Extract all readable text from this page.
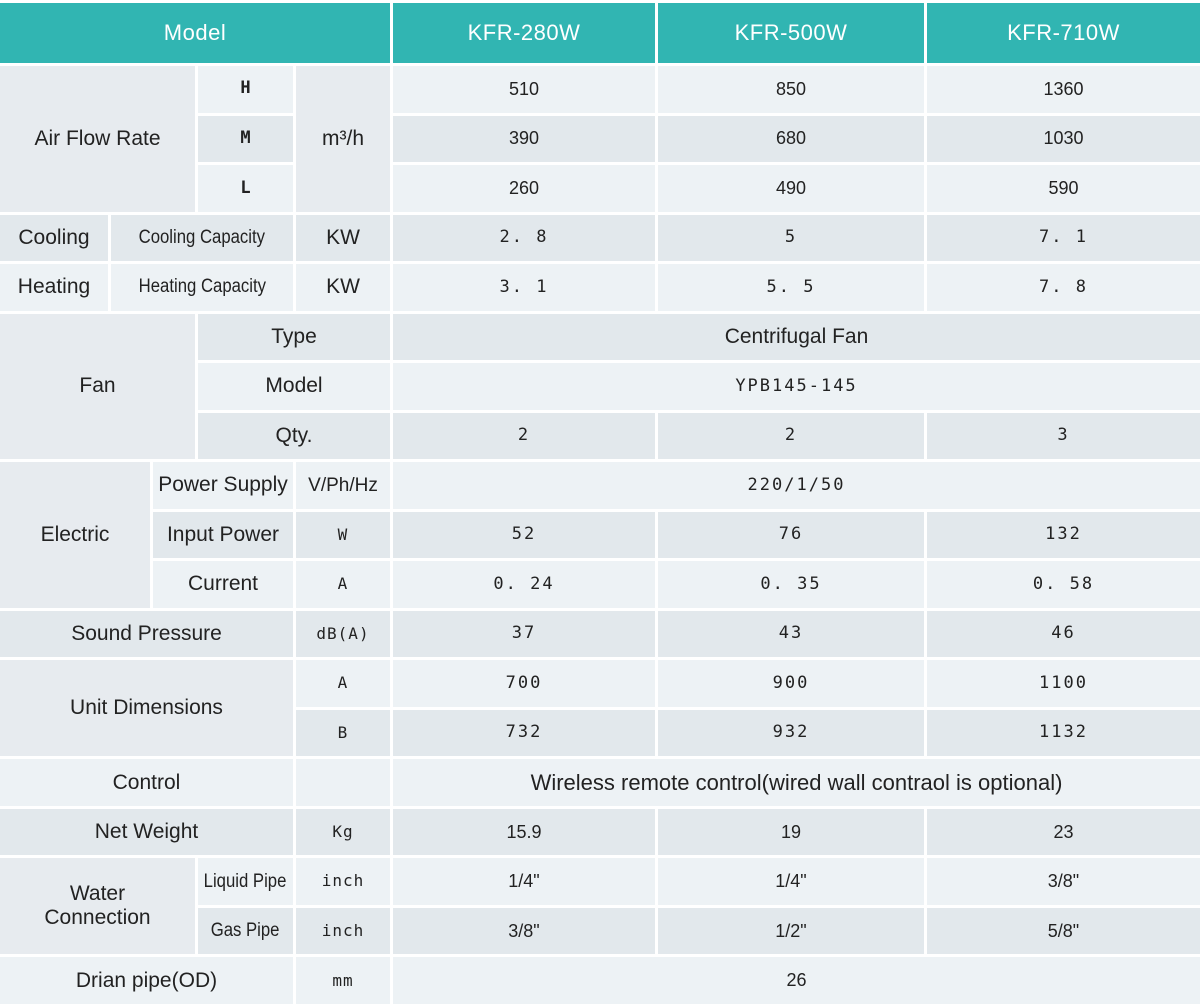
Model	KFR-280W	KFR-500W	KFR-710W
Air Flow Rate	m³/h
H	510	850	1360
M	390	680	1030
L	260	490	590
Cooling	Cooling Capacity	KW	2. 8	5	7. 1
Heating	Heating Capacity	KW	3. 1	5. 5	7. 8
Fan
Type	Centrifugal Fan
Model	YPB145-145
Qty.	2	2	3
Electric
Power Supply	V/Ph/Hz	220/1/50
Input Power	W	52	76	132
Current	A	0. 24	0. 35	0. 58
Sound Pressure	dB(A)	37	43	46
Unit Dimensions
A	700	900	1100
B	732	932	1132
Control	Wireless remote control(wired wall contraol is optional)
Net Weight	Kg	15.9	19	23
Water Connection
Liquid Pipe	inch	1/4"	1/4"	3/8"
Gas Pipe	inch	3/8"	1/2"	5/8"
Drian pipe(OD)	mm	26
